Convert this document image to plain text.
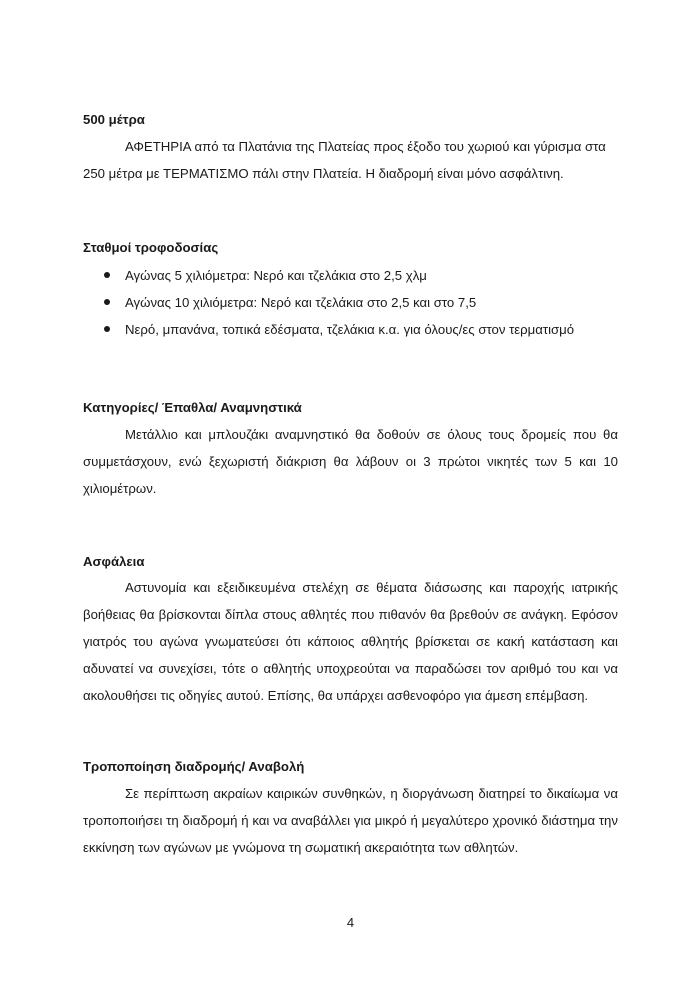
500 μέτρα
ΑΦΕΤΗΡΙΑ από τα Πλατάνια της Πλατείας προς έξοδο του χωριού και γύρισμα στα 250 μέτρα με ΤΕΡΜΑΤΙΣΜΟ πάλι στην Πλατεία. Η διαδρομή είναι μόνο ασφάλτινη.
Σταθμοί τροφοδοσίας
Αγώνας 5 χιλιόμετρα: Νερό και τζελάκια στο 2,5 χλμ
Αγώνας 10 χιλιόμετρα: Νερό και τζελάκια στο 2,5 και στο 7,5
Νερό, μπανάνα, τοπικά εδέσματα, τζελάκια κ.α. για όλους/ες στον τερματισμό
Κατηγορίες/ Έπαθλα/ Αναμνηστικά
Μετάλλιο και μπλουζάκι αναμνηστικό θα δοθούν σε όλους τους δρομείς που θα συμμετάσχουν, ενώ ξεχωριστή διάκριση θα λάβουν οι 3 πρώτοι νικητές των 5 και 10 χιλιομέτρων.
Ασφάλεια
Αστυνομία και εξειδικευμένα στελέχη σε θέματα διάσωσης και παροχής ιατρικής βοήθειας θα βρίσκονται δίπλα στους αθλητές που πιθανόν θα βρεθούν σε ανάγκη. Εφόσον γιατρός του αγώνα γνωματεύσει ότι κάποιος αθλητής βρίσκεται σε κακή κατάσταση και αδυνατεί να συνεχίσει, τότε ο αθλητής υποχρεούται να παραδώσει τον αριθμό του και να ακολουθήσει τις οδηγίες αυτού. Επίσης, θα υπάρχει ασθενοφόρο για άμεση επέμβαση.
Τροποποίηση διαδρομής/ Αναβολή
Σε περίπτωση ακραίων καιρικών συνθηκών, η διοργάνωση διατηρεί το δικαίωμα να τροποποιήσει τη διαδρομή ή και να αναβάλλει για μικρό ή μεγαλύτερο χρονικό διάστημα την εκκίνηση των αγώνων με γνώμονα τη σωματική ακεραιότητα των αθλητών.
4
